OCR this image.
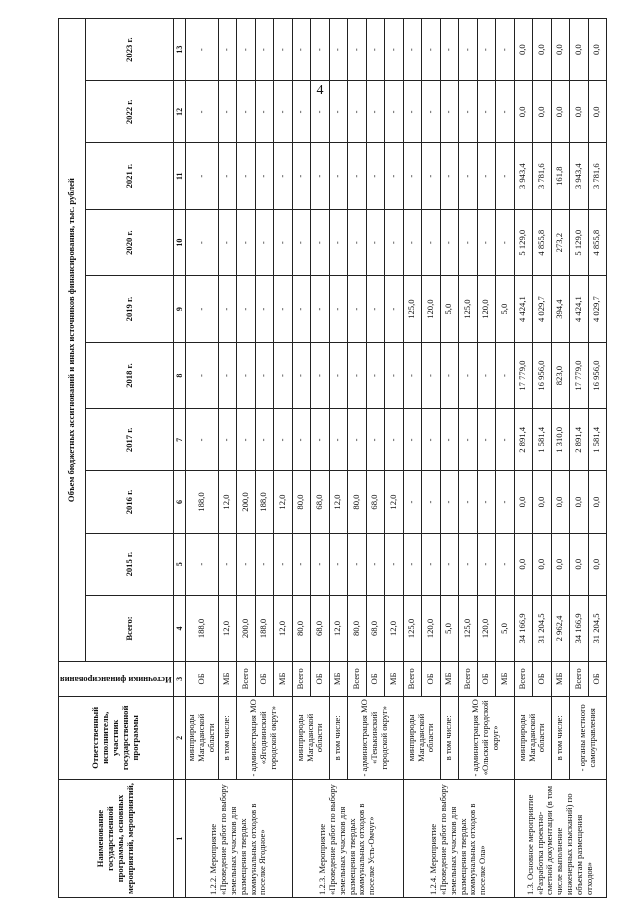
4
Наименование государственной программы, основных мероприятий, мероприятий,	Ответственный исполнитель, участник государственной программы	Источники финансирования	Объем бюджетных ассигнований и иных источников финансирования, тыс. рублей									
			Всего:	2015 г.	2016 г.	2017 г.	2018 г.	2019 г.	2020 г.	2021 г.	2022 г.	2023 г.
1	2	3	4	5	6	7	8	9	10	11	12	13
1.2.2. Мероприятие «Проведение работ по выбору земельных участков для размещения твердых коммунальных отходов в поселке Ягодное»	минприроды Магаданской области	ОБ	188,0	-	188,0	-	-	-	-	-	-	-
	в том числе:	МБ	12,0	-	12,0	-	-	-	-	-	-	-
	- администрация МО «Ягоднинский городской округ»	Всего	200,0	-	200,0	-	-	-	-	-	-	-
		ОБ	188,0	-	188,0	-	-	-	-	-	-	-
		МБ	12,0	-	12,0	-	-	-	-	-	-	-
1.2.3. Мероприятие «Проведение работ по выбору земельных участков для размещения твердых коммунальных отходов в поселке Усть-Омчуг»	минприроды Магаданской области	Всего	80,0	-	80,0	-	-	-	-	-	-	-
		ОБ	68,0	-	68,0	-	-	-	-	-	-	-
	в том числе:	МБ	12,0	-	12,0	-	-	-	-	-	-	-
	- администрация МО «Тенькинский городской округ»	Всего	80,0	-	80,0	-	-	-	-	-	-	-
		ОБ	68,0	-	68,0	-	-	-	-	-	-	-
		МБ	12,0	-	12,0	-	-	-	-	-	-	-
1.2.4. Мероприятие «Проведение работ по выбору земельных участков для размещения твердых коммунальных отходов в поселке Ола»	минприроды Магаданской области	Всего	125,0	-	-	-	-	125,0	-	-	-	-
		ОБ	120,0	-	-	-	-	120,0	-	-	-	-
	в том числе:	МБ	5,0	-	-	-	-	5,0	-	-	-	-
	- администрация МО «Ольский городской округ»	Всего	125,0	-	-	-	-	125,0	-	-	-	-
		ОБ	120,0	-	-	-	-	120,0	-	-	-	-
		МБ	5,0	-	-	-	-	5,0	-	-	-	-
1.3. Основное мероприятие «Разработка проектно-сметной документации (в том числе выполнение инженерных изысканий) по объектам размещения отходов»	минприроды Магаданской области	Всего	34 166,9	0,0	0,0	2 891,4	17 779,0	4 424,1	5 129,0	3 943,4	0,0	0,0
		ОБ	31 204,5	0,0	0,0	1 581,4	16 956,0	4 029,7	4 855,8	3 781,6	0,0	0,0
	в том числе:	МБ	2 962,4	0,0	0,0	1 310,0	823,0	394,4	273,2	161,8	0,0	0,0
	- органы местного самоуправления	Всего	34 166,9	0,0	0,0	2 891,4	17 779,0	4 424,1	5 129,0	3 943,4	0,0	0,0
		ОБ	31 204,5	0,0	0,0	1 581,4	16 956,0	4 029,7	4 855,8	3 781,6	0,0	0,0
